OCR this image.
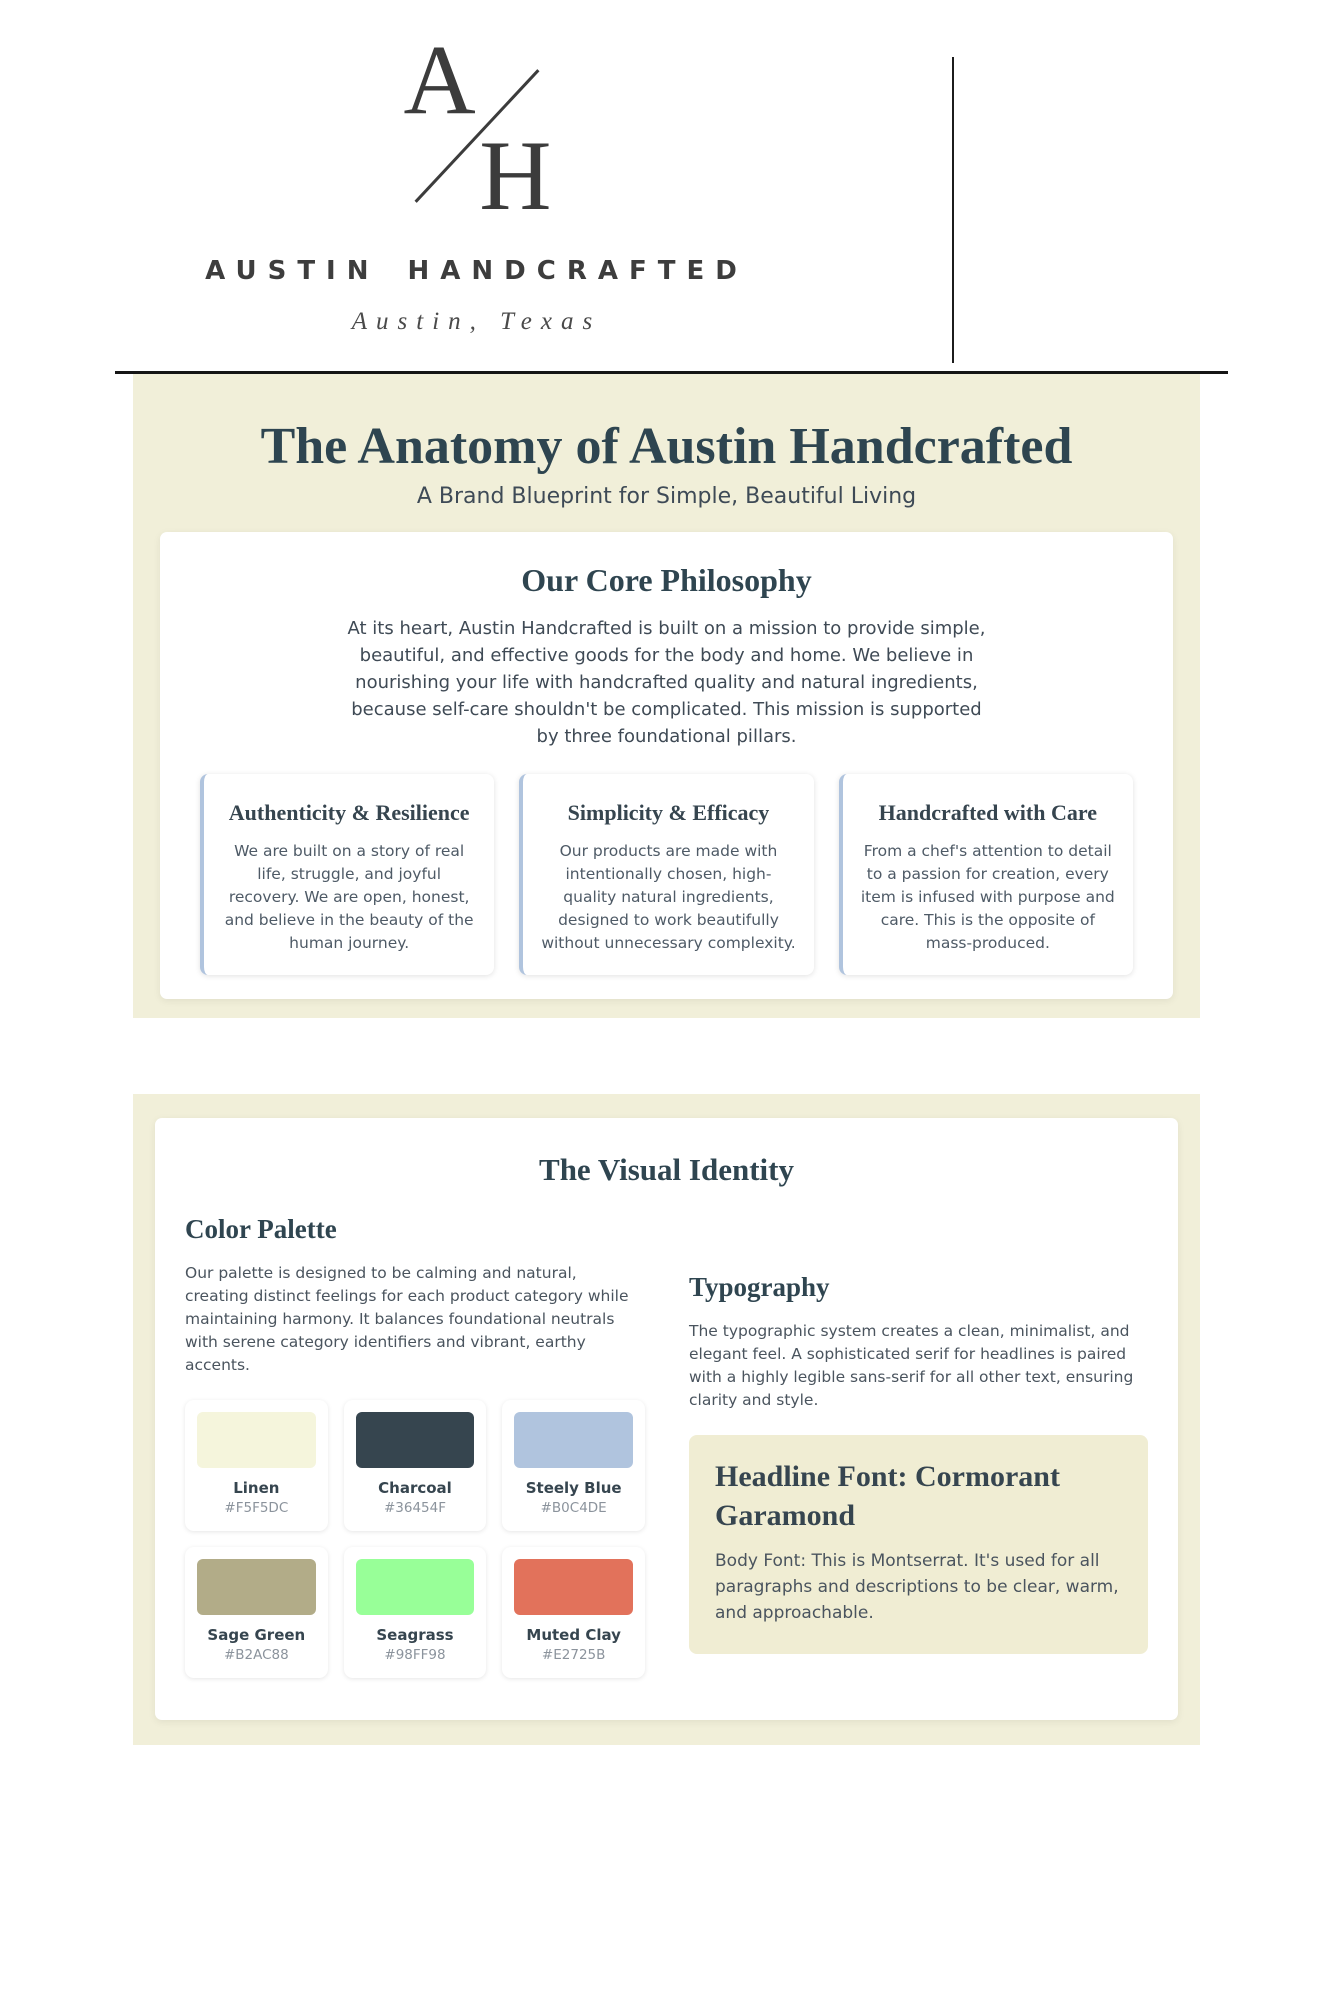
A
H
AUSTIN HANDCRAFTED
Austin, Texas
The Anatomy of Austin Handcrafted
A Brand Blueprint for Simple, Beautiful Living
Our Core Philosophy

At its heart, Austin Handcrafted is built on a mission to provide simple, beautiful, and effective goods for the body and home. We believe in nourishing your life with handcrafted quality and natural ingredients, because self-care shouldn't be complicated. This mission is supported by three foundational pillars.

Authenticity & Resilience

We are built on a story of real life, struggle, and joyful recovery. We are open, honest, and believe in the beauty of the human journey.

Simplicity & Efficacy

Our products are made with intentionally chosen, high-quality natural ingredients, designed to work beautifully without unnecessary complexity.

Handcrafted with Care

From a chef's attention to detail to a passion for creation, every item is infused with purpose and care. This is the opposite of mass-produced.

The Visual Identity
Color Palette

Our palette is designed to be calming and natural, creating distinct feelings for each product category while maintaining harmony. It balances foundational neutrals with serene category identifiers and vibrant, earthy accents.

Linen
#F5F5DC
Charcoal
#36454F
Steely Blue
#B0C4DE
Sage Green
#B2AC88
Seagrass
#98FF98
Muted Clay
#E2725B
Typography

The typographic system creates a clean, minimalist, and elegant feel. A sophisticated serif for headlines is paired with a highly legible sans-serif for all other text, ensuring clarity and style.

Headline Font: Cormorant Garamond

Body Font: This is Montserrat. It's used for all paragraphs and descriptions to be clear, warm, and approachable.
